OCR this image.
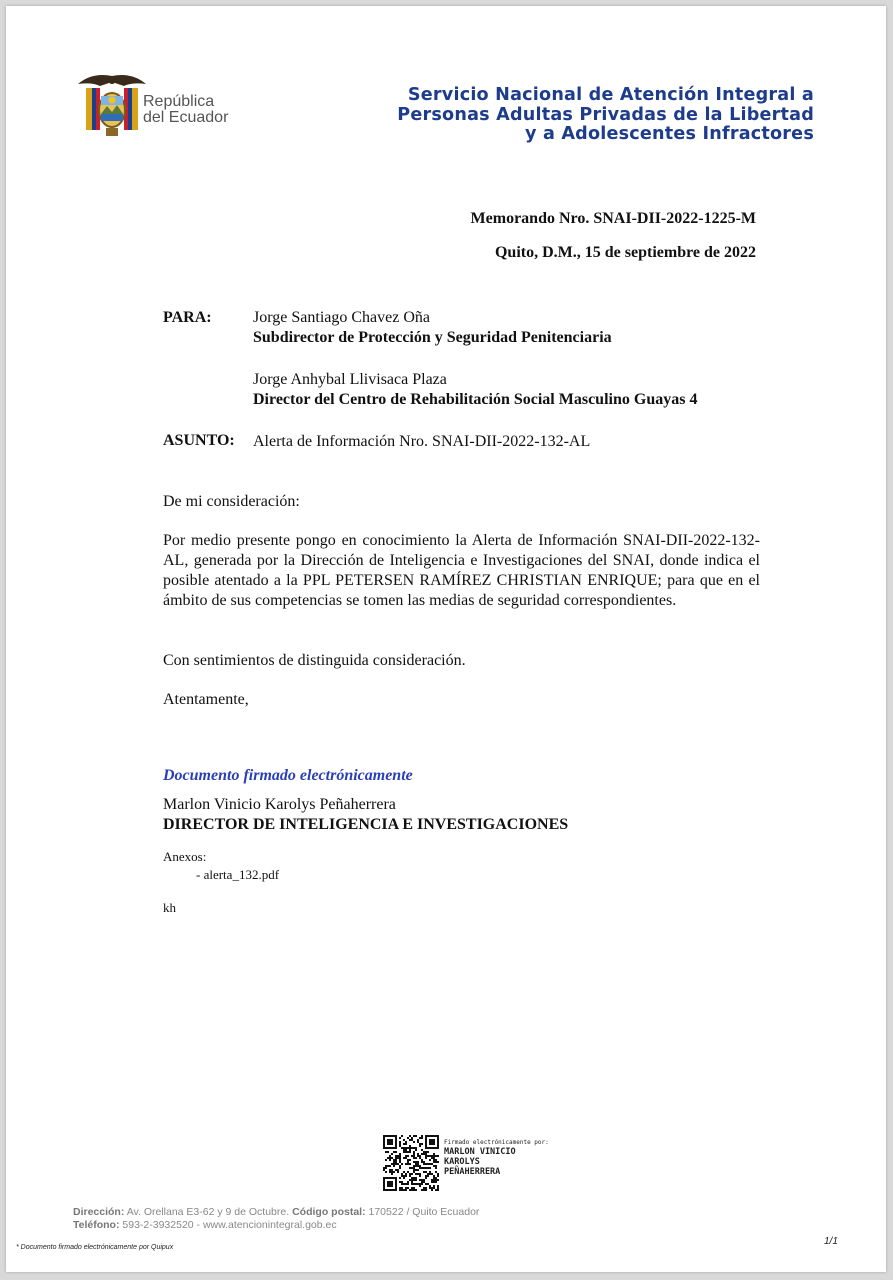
República
del Ecuador
Servicio Nacional de Atención Integral a
Personas Adultas Privadas de la Libertad
y a Adolescentes Infractores
Memorando Nro. SNAI-DII-2022-1225-M
Quito, D.M., 15 de septiembre de 2022
PARA:	Jorge Santiago Chavez Oña
Subdirector de Protección y Seguridad Penitenciaria
Jorge Anhybal Llivisaca Plaza
Director del Centro de Rehabilitación Social Masculino Guayas 4
ASUNTO: Alerta de Información Nro. SNAI-DII-2022-132-AL
De mi consideración:
Por medio presente pongo en conocimiento la Alerta de Información SNAI-DII-2022-132-AL, generada por la Dirección de Inteligencia e Investigaciones del SNAI, donde indica el posible atentado a la PPL PETERSEN RAMÍREZ CHRISTIAN ENRIQUE; para que en el ámbito de sus competencias se tomen las medias de seguridad correspondientes.
Con sentimientos de distinguida consideración.
Atentamente,
Documento firmado electrónicamente
Marlon Vinicio Karolys Peñaherrera
DIRECTOR DE INTELIGENCIA E INVESTIGACIONES
Anexos:
- alerta_132.pdf
kh
Firmado electrónicamente por:
MARLON VINICIO
KAROLYS
PEÑAHERRERA
Dirección: Av. Orellana E3-62 y 9 de Octubre. Código postal: 170522 / Quito Ecuador
Teléfono: 593-2-3932520 - www.atencionintegral.gob.ec
* Documento firmado electrónicamente por Quipux
1/1
